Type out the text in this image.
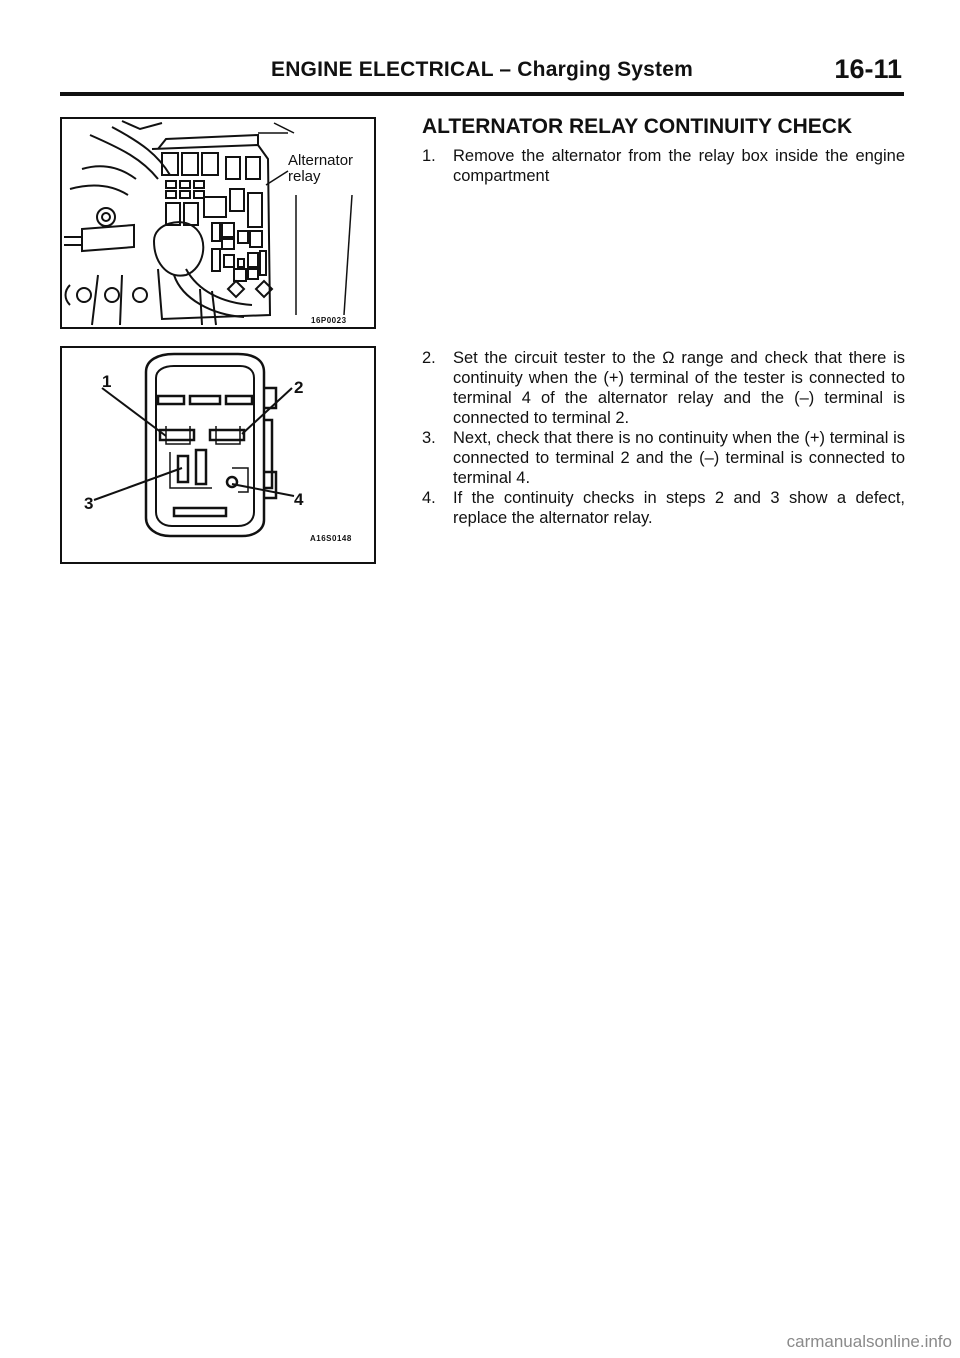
ENGINE ELECTRICAL – Charging System	16-11
Alternator
relay
16P0023
1	2
3	4
A16S0148
ALTERNATOR RELAY CONTINUITY CHECK
1.	Remove the alternator from the relay box inside the engine compartment
2.	Set the circuit tester to the Ω range and check that there is continuity when the (+) terminal of the tester is connected to terminal 4 of the alternator relay and the (–) terminal is connected to terminal 2.
3.	Next, check that there is no continuity when the (+) terminal is connected to terminal 2 and the (–) terminal is connected to terminal 4.
4.	If the continuity checks in steps 2 and 3 show a defect, replace the alternator relay.
carmanualsonline.info
